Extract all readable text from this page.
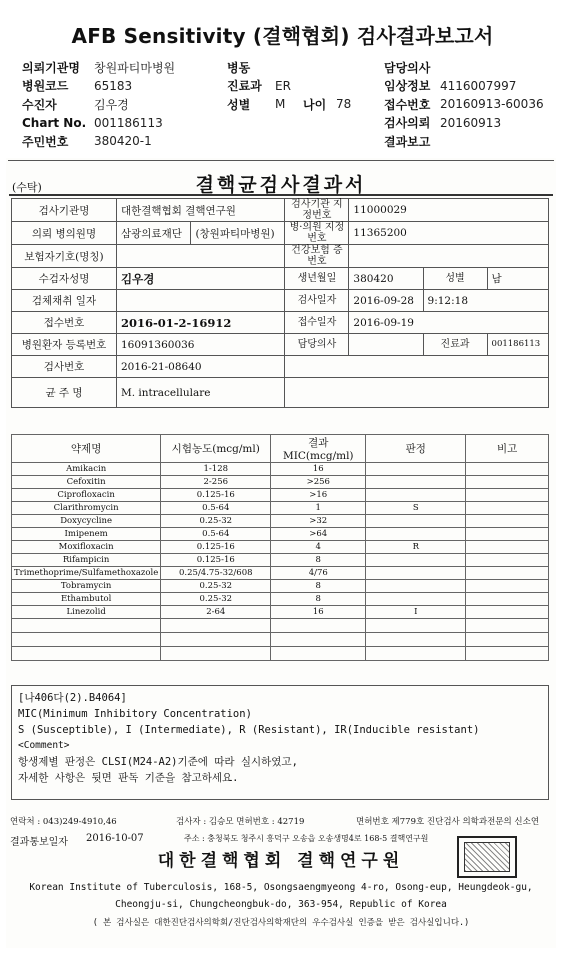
AFB Sensitivity (결핵협회) 검사결과보고서
의뢰기관명	창원파티마병원	병동	담당의사
병원코드	65183	진료과	ER	임상정보 4116007997
수진자	김우경	성별	M	나이 78	접수번호 20160913-60036
Chart No. 001186113	검사의뢰 20160913
주민번호	380420-1	결과보고
(수탁)	결핵균검사결과서
검사기관명	대한결핵협회 결핵연구원		검사기관 지정번호	11000029		
의뢰 병의원명	삼광의료재단	(창원파티마병원)	병·의원 지정번호	11365200		
보험자기호(명칭)			건강보험 증번호			
수검자성명	김우경		생년월일	380420	성별	남
검체채취 일자			검사일자	2016-09-28	9:12:18	
접수번호	2016-01-2-16912		접수일자	2016-09-19		
병원환자 등록번호	16091360036		담당의사		진료과	001186113
검사번호	2016-21-08640					
균 주 명	M. intracellulare					
약제명	시험농도(mcg/ml)	결과 MIC(mcg/ml)	판정	비고
Amikacin	1-128	16		
Cefoxitin	2-256	>256		
Ciprofloxacin	0.125-16	>16		
Clarithromycin	0.5-64	1	S	
Doxycycline	0.25-32	>32		
Imipenem	0.5-64	>64		
Moxifloxacin	0.125-16	4	R	
Rifampicin	0.125-16	8		
Trimethoprime/Sulfamethoxazole	0.25/4.75-32/608	4/76		
Tobramycin	0.25-32	8		
Ethambutol	0.25-32	8		
Linezolid	2-64	16	I	

[나406다(2).B4064]
MIC(Minimum Inhibitory Concentration)
S (Susceptible), I (Intermediate), R (Resistant), IR(Inducible resistant)
<Comment>
항생제별 판정은 CLSI(M24-A2)기준에 따라 실시하였고,
자세한 사항은 뒷면 판독 기준을 참고하세요.
연락처 : 043)249-4910,46	검사자 : 김승모 면허번호 : 42719	면허번호 제779호 진단검사 의학과전문의 신소연
결과통보일자 2016-10-07	주소 : 충청북도 청주시 흥덕구 오송읍 오송생명4로 168-5 결핵연구원
대한결핵협회 결핵연구원
Korean Institute of Tuberculosis, 168-5, Osongsaengmyeong 4-ro, Osong-eup, Heungdeok-gu,
Cheongju-si, Chungcheongbuk-do, 363-954, Republic of Korea
( 본 검사실은 대한진단검사의학회/진단검사의학재단의 우수검사실 인증을 받은 검사실입니다.)
